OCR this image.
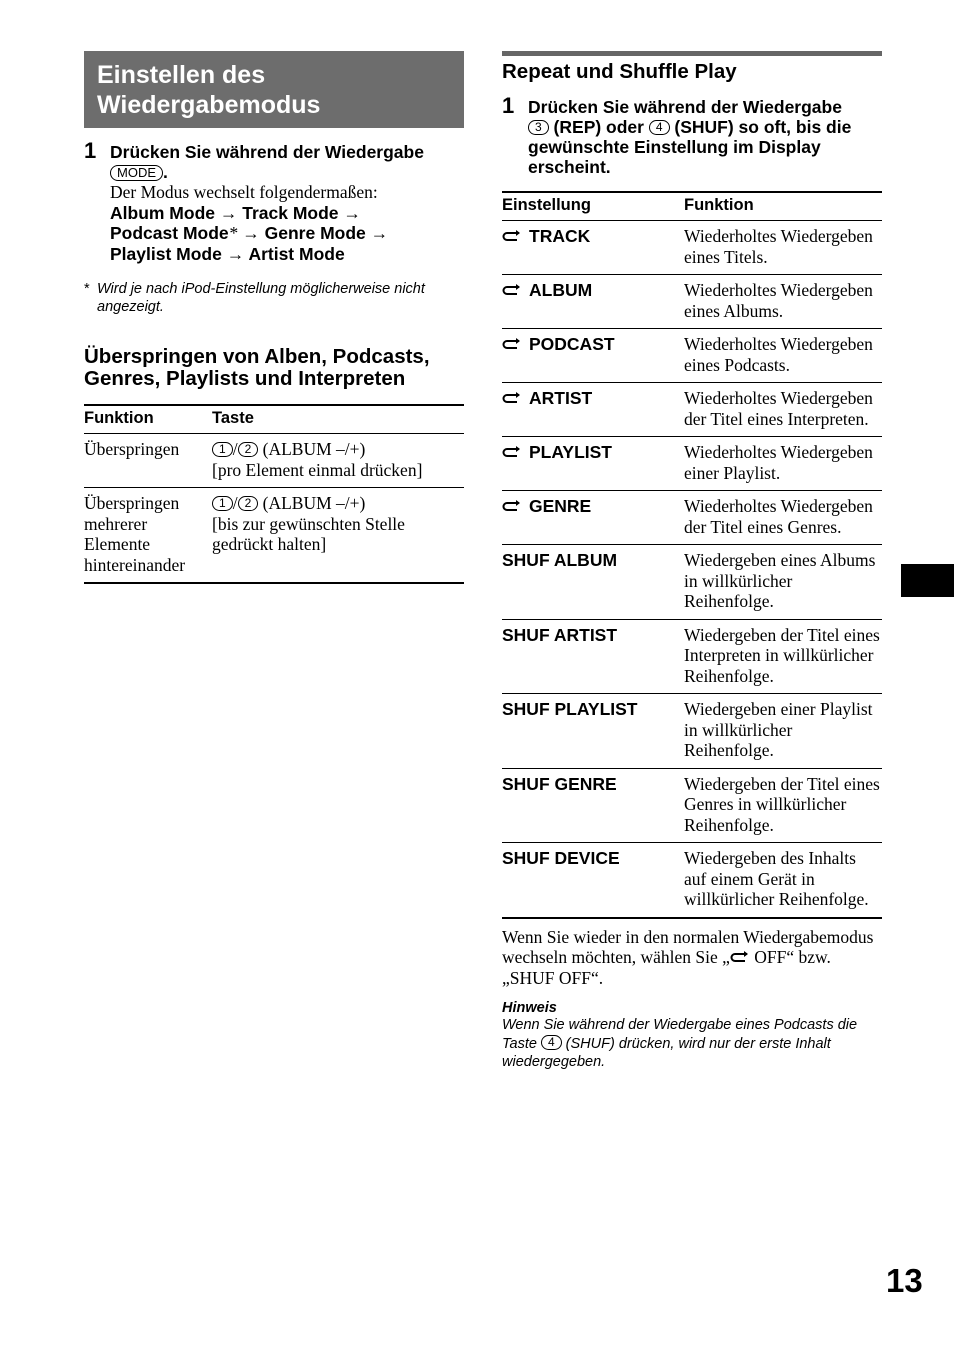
Einstellen des
Wiedergabemodus
1 Drücken Sie während der Wiedergabe
MODE .
Der Modus wechselt folgendermaßen:
Album Mode → Track Mode →
Podcast Mode* → Genre Mode →
Playlist Mode → Artist Mode
* Wird je nach iPod-Einstellung möglicherweise nicht angezeigt.
Überspringen von Alben, Podcasts, Genres, Playlists und Interpreten
Funktion	Taste
Überspringen	1 / 2 (ALBUM –/+)
[pro Element einmal drücken]
Überspringen mehrerer Elemente hintereinander	1 / 2 (ALBUM –/+)
[bis zur gewünschten Stelle gedrückt halten]
Repeat und Shuffle Play
1 Drücken Sie während der Wiedergabe
3 (REP) oder 4 (SHUF) so oft, bis die gewünschte Einstellung im Display erscheint.
Einstellung	Funktion
TRACK	Wiederholtes Wiedergeben eines Titels.
ALBUM	Wiederholtes Wiedergeben eines Albums.
PODCAST	Wiederholtes Wiedergeben eines Podcasts.
ARTIST	Wiederholtes Wiedergeben der Titel eines Interpreten.
PLAYLIST	Wiederholtes Wiedergeben einer Playlist.
GENRE	Wiederholtes Wiedergeben der Titel eines Genres.
SHUF ALBUM	Wiedergeben eines Albums in willkürlicher Reihenfolge.
SHUF ARTIST	Wiedergeben der Titel eines Interpreten in willkürlicher Reihenfolge.
SHUF PLAYLIST	Wiedergeben einer Playlist in willkürlicher Reihenfolge.
SHUF GENRE	Wiedergeben der Titel eines Genres in willkürlicher Reihenfolge.
SHUF DEVICE	Wiedergeben des Inhalts auf einem Gerät in willkürlicher Reihenfolge.
Wenn Sie wieder in den normalen Wiedergabemodus wechseln möchten, wählen Sie „ OFF“ bzw. „SHUF OFF“.
Hinweis
Wenn Sie während der Wiedergabe eines Podcasts die Taste 4 (SHUF) drücken, wird nur der erste Inhalt wiedergegeben.
13
